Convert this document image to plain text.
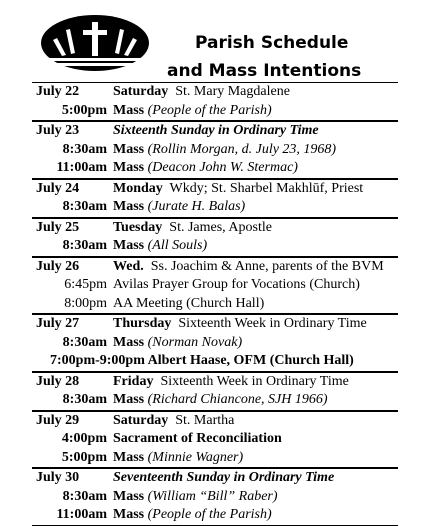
Parish Schedule
and Mass Intentions
July 22 Saturday  St. Mary Magdalene
5:00pm Mass (People of the Parish)
July 23 Sixteenth Sunday in Ordinary Time
8:30am Mass (Rollin Morgan, d. July 23, 1968)
11:00am Mass (Deacon John W. Stermac)
July 24 Monday  Wkdy; St. Sharbel Makhlūf, Priest
8:30am Mass (Jurate H. Balas)
July 25 Tuesday  St. James, Apostle
8:30am Mass (All Souls)
July 26 Wed.  Ss. Joachim & Anne, parents of the BVM
6:45pm Avilas Prayer Group for Vocations (Church)
8:00pm AA Meeting (Church Hall)
July 27 Thursday  Sixteenth Week in Ordinary Time
8:30am Mass (Norman Novak)
7:00pm-9:00pm Albert Haase, OFM (Church Hall)
July 28 Friday  Sixteenth Week in Ordinary Time
8:30am Mass (Richard Chiancone, SJH 1966)
July 29 Saturday  St. Martha
4:00pm Sacrament of Reconciliation
5:00pm Mass (Minnie Wagner)
July 30 Seventeenth Sunday in Ordinary Time
8:30am Mass (William “Bill” Raber)
11:00am Mass (People of the Parish)
